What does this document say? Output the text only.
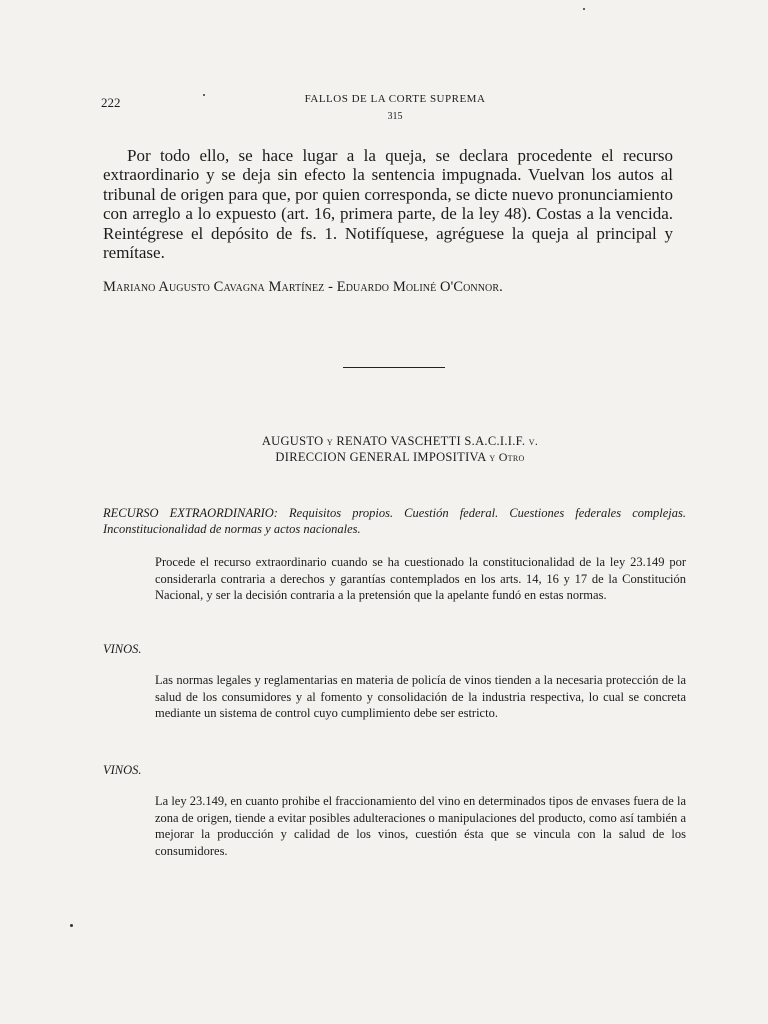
222	FALLOS DE LA CORTE SUPREMA
315

Por todo ello, se hace lugar a la queja, se declara procedente el recurso extraordinario y se deja sin efecto la sentencia impugnada. Vuelvan los autos al tribunal de origen para que, por quien corresponda, se dicte nuevo pronunciamiento con arreglo a lo expuesto (art. 16, primera parte, de la ley 48). Costas a la vencida. Reintégrese el depósito de fs. 1. Notifíquese, agréguese la queja al principal y remítase.

Mariano Augusto Cavagna Martínez - Eduardo Moliné O'Connor.
AUGUSTO y RENATO VASCHETTI S.A.C.I.I.F. v.
DIRECCION GENERAL IMPOSITIVA y Otro

RECURSO EXTRAORDINARIO: Requisitos propios. Cuestión federal. Cuestiones federales complejas. Inconstitucionalidad de normas y actos nacionales.

Procede el recurso extraordinario cuando se ha cuestionado la constitucionalidad de la ley 23.149 por considerarla contraria a derechos y garantías contemplados en los arts. 14, 16 y 17 de la Constitución Nacional, y ser la decisión contraria a la pretensión que la apelante fundó en estas normas.

VINOS.

Las normas legales y reglamentarias en materia de policía de vinos tienden a la necesaria protección de la salud de los consumidores y al fomento y consolidación de la industria respectiva, lo cual se concreta mediante un sistema de control cuyo cumplimiento debe ser estricto.

VINOS.

La ley 23.149, en cuanto prohibe el fraccionamiento del vino en determinados tipos de envases fuera de la zona de origen, tiende a evitar posibles adulteraciones o manipulaciones del producto, como así también a mejorar la producción y calidad de los vinos, cuestión ésta que se vincula con la salud de los consumidores.
